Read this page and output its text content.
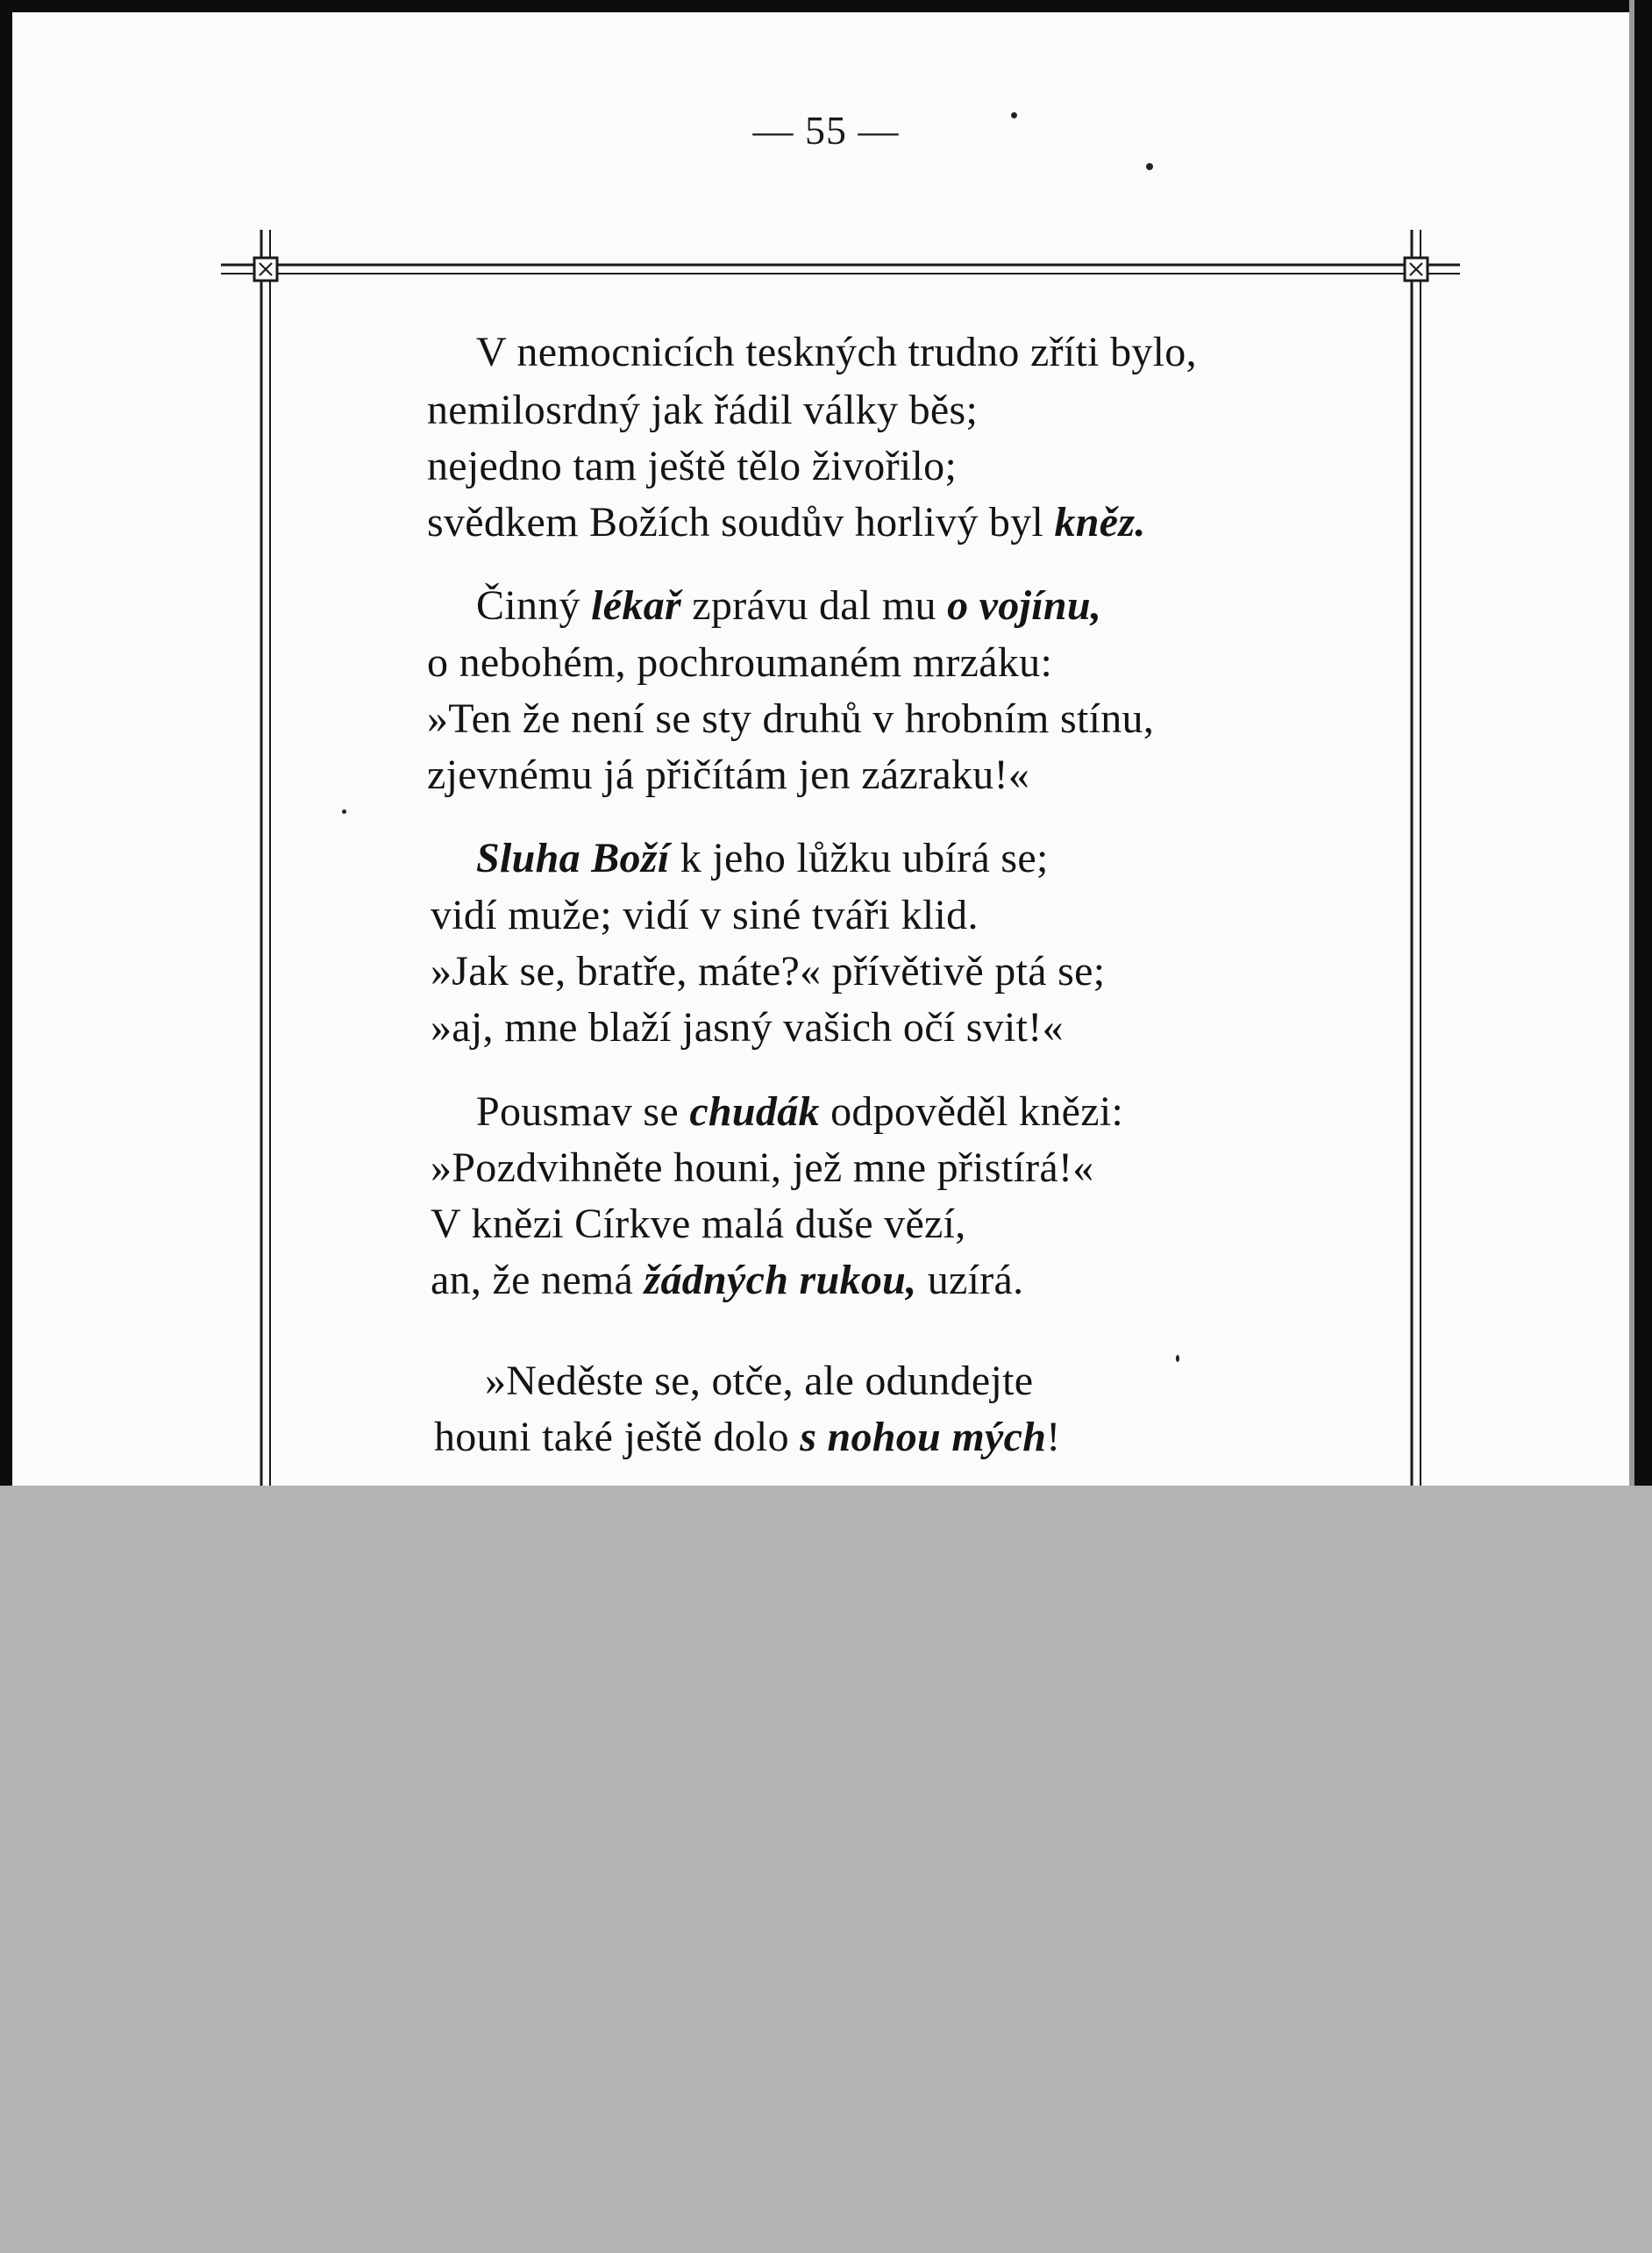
— 55 —
V nemocnicích teskných trudno zříti bylo,
nemilosrdný jak řádil války běs;
nejedno tam ještě tělo živořilo;
svědkem Božích soudův horlivý byl kněz.
Činný lékař zprávu dal mu o vojínu,
o nebohém, pochroumaném mrzáku:
»Ten že není se sty druhů v hrobním stínu,
zjevnému já přičítám jen zázraku!«
Sluha Boží k jeho lůžku ubírá se;
vidí muže; vidí v siné tváři klid.
»Jak se, bratře, máte?« přívětivě ptá se;
»aj, mne blaží jasný vašich očí svit!«
Pousmav se chudák odpověděl knězi:
»Pozdvihněte houni, jež mne přistírá!«
V knězi Církve malá duše vězí,
an, že nemá žádných rukou, uzírá.
»Neděste se, otče, ale odundejte
houni také ještě dolo s nohou mých!
